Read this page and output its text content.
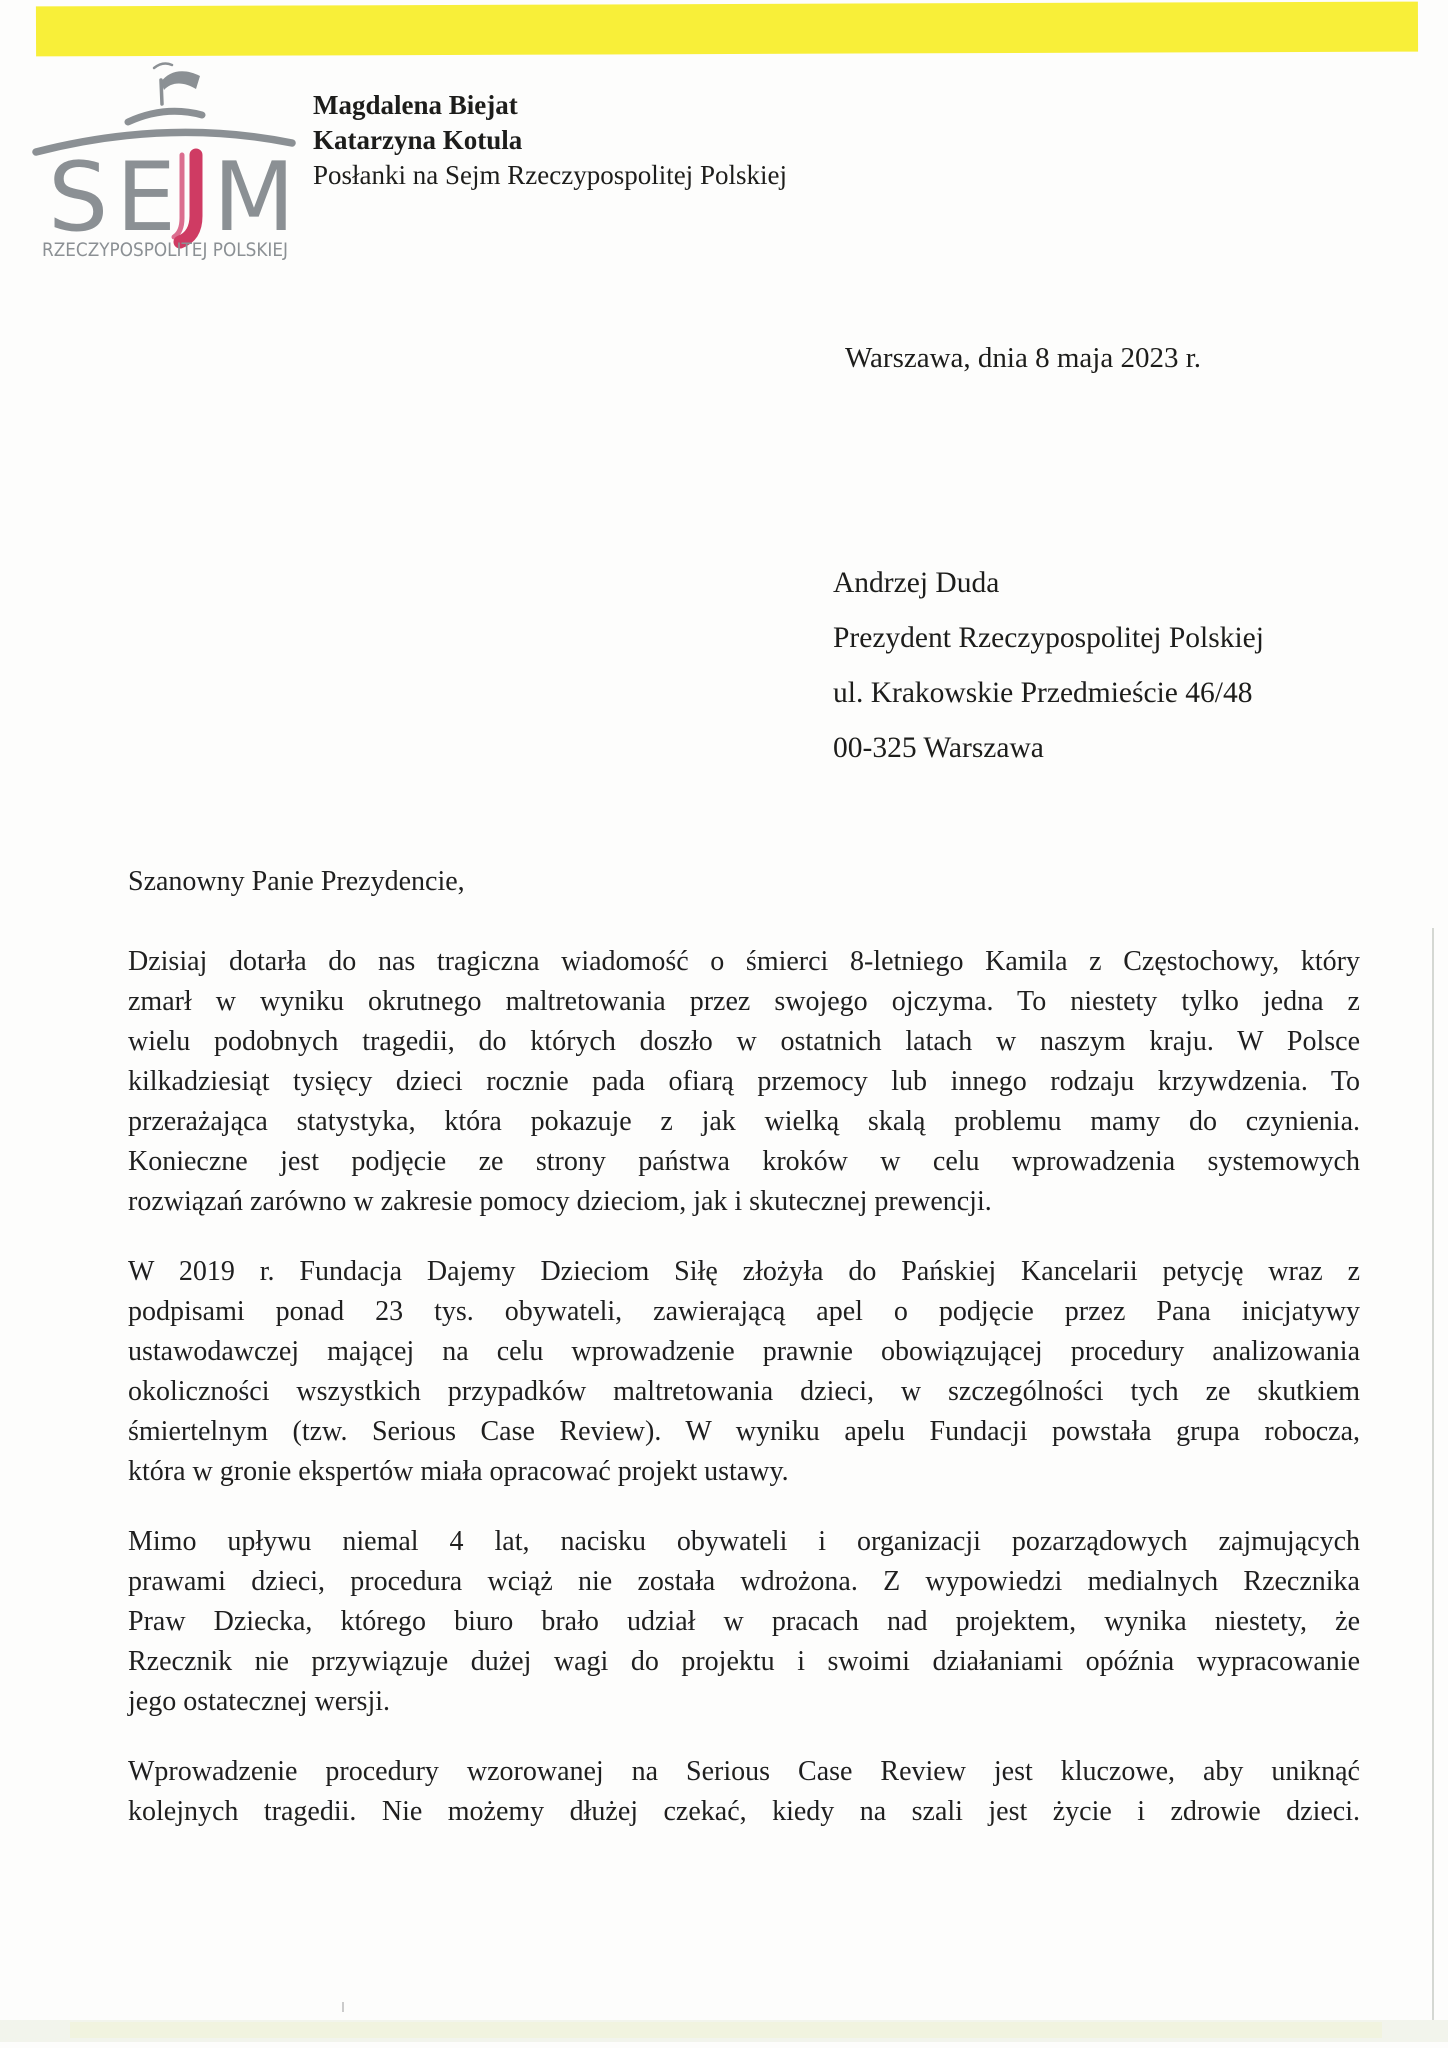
S E M
RZECZYPOSPOLITEJ POLSKIEJ
Magdalena Biejat
Katarzyna Kotula
Posłanki na Sejm Rzeczypospolitej Polskiej
Warszawa, dnia 8 maja 2023 r.
Andrzej Duda
Prezydent Rzeczypospolitej Polskiej
ul. Krakowskie Przedmieście 46/48
00-325 Warszawa
Szanowny Panie Prezydencie,
Dzisiaj dotarła do nas tragiczna wiadomość o śmierci 8-letniego Kamila z Częstochowy, który
zmarł w wyniku okrutnego maltretowania przez swojego ojczyma. To niestety tylko jedna z
wielu podobnych tragedii, do których doszło w ostatnich latach w naszym kraju. W Polsce
kilkadziesiąt tysięcy dzieci rocznie pada ofiarą przemocy lub innego rodzaju krzywdzenia. To
przerażająca statystyka, która pokazuje z jak wielką skalą problemu mamy do czynienia.
Konieczne jest podjęcie ze strony państwa kroków w celu wprowadzenia systemowych
rozwiązań zarówno w zakresie pomocy dzieciom, jak i skutecznej prewencji.
W 2019 r. Fundacja Dajemy Dzieciom Siłę złożyła do Pańskiej Kancelarii petycję wraz z
podpisami ponad 23 tys. obywateli, zawierającą apel o podjęcie przez Pana inicjatywy
ustawodawczej mającej na celu wprowadzenie prawnie obowiązującej procedury analizowania
okoliczności wszystkich przypadków maltretowania dzieci, w szczególności tych ze skutkiem
śmiertelnym (tzw. Serious Case Review). W wyniku apelu Fundacji powstała grupa robocza,
która w gronie ekspertów miała opracować projekt ustawy.
Mimo upływu niemal 4 lat, nacisku obywateli i organizacji pozarządowych zajmujących
prawami dzieci, procedura wciąż nie została wdrożona. Z wypowiedzi medialnych Rzecznika
Praw Dziecka, którego biuro brało udział w pracach nad projektem, wynika niestety, że
Rzecznik nie przywiązuje dużej wagi do projektu i swoimi działaniami opóźnia wypracowanie
jego ostatecznej wersji.
Wprowadzenie procedury wzorowanej na Serious Case Review jest kluczowe, aby uniknąć
kolejnych tragedii. Nie możemy dłużej czekać, kiedy na szali jest życie i zdrowie dzieci.
